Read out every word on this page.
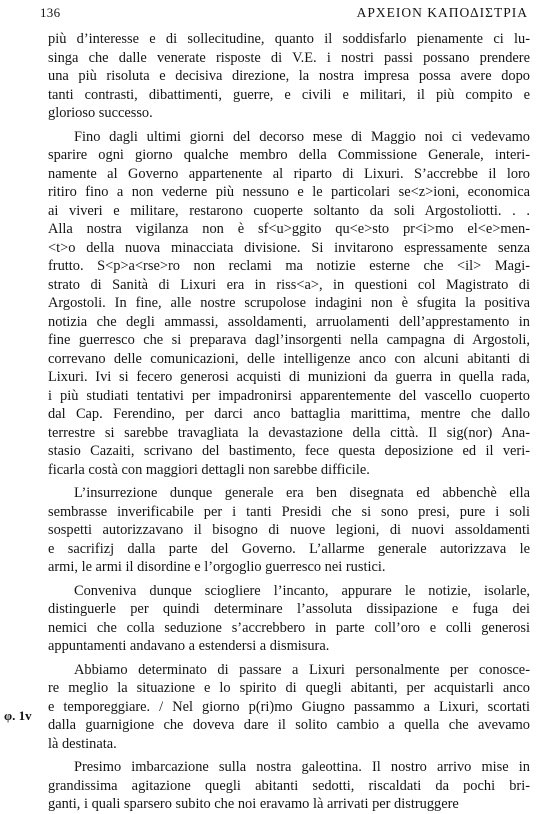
136	ΑΡΧΕΙΟΝ ΚΑΠΟΔΙΣΤΡΙΑ
φ. 1v
più d’interesse e di sollecitudine, quanto il soddisfarlo pienamente ci lu-
singa che dalle venerate risposte di V.E. i nostri passi possano prendere
una più risoluta e decisiva direzione, la nostra impresa possa avere dopo
tanti contrasti, dibattimenti, guerre, e civili e militari, il più compito e
glorioso successo.
Fino dagli ultimi giorni del decorso mese di Maggio noi ci vedevamo
sparire ogni giorno qualche membro della Commissione Generale, interi-
namente al Governo appartenente al riparto di Lixuri. S’accrebbe il loro
ritiro fino a non vederne più nessuno e le particolari se<z>ioni, economica
ai viveri e militare, restarono cuoperte soltanto da soli Argostoliotti. . .
Alla nostra vigilanza non è sf<u>ggito qu<e>sto pr<i>mo el<e>men-
<t>o della nuova minacciata divisione. Si invitarono espressamente senza
frutto. S<p>a<rse>ro non reclami ma notizie esterne che <il> Magi-
strato di Sanità di Lixuri era in riss<a>, in questioni col Magistrato di
Argostoli. In fine, alle nostre scrupolose indagini non è sfugita la positiva
notizia che degli ammassi, assoldamenti, arruolamenti dell’apprestamento in
fine guerresco che si preparava dagl’insorgenti nella campagna di Argostoli,
correvano delle comunicazioni, delle intelligenze anco con alcuni abitanti di
Lixuri. Ivi si fecero generosi acquisti di munizioni da guerra in quella rada,
i più studiati tentativi per impadronirsi apparentemente del vascello cuoperto
dal Cap. Ferendino, per darci anco battaglia marittima, mentre che dallo
terrestre si sarebbe travagliata la devastazione della città. Il sig(nor) Ana-
stasio Cazaiti, scrivano del bastimento, fece questa deposizione ed il veri-
ficarla costà con maggiori dettagli non sarebbe difficile.
L’insurrezione dunque generale era ben disegnata ed abbenchè ella
sembrasse inverificabile per i tanti Presidi che si sono presi, pure i soli
sospetti autorizzavano il bisogno di nuove legioni, di nuovi assoldamenti
e sacrifizj dalla parte del Governo. L’allarme generale autorizzava le
armi, le armi il disordine e l’orgoglio guerresco nei rustici.
Conveniva dunque sciogliere l’incanto, appurare le notizie, isolarle,
distinguerle per quindi determinare l’assoluta dissipazione e fuga dei
nemici che colla seduzione s’accrebbero in parte coll’oro e colli generosi
appuntamenti andavano a estendersi a dismisura.
Abbiamo determinato di passare a Lixuri personalmente per conosce-
re meglio la situazione e lo spirito di quegli abitanti, per acquistarli anco
e temporeggiare. / Nel giorno p(ri)mo Giugno passammo a Lixuri, scortati
dalla guarnigione che doveva dare il solito cambio a quella che avevamo
là destinata.
Presimo imbarcazione sulla nostra galeottina. Il nostro arrivo mise in
grandissima agitazione quegli abitanti sedotti, riscaldati da pochi bri-
ganti, i quali sparsero subito che noi eravamo là arrivati per distruggere
